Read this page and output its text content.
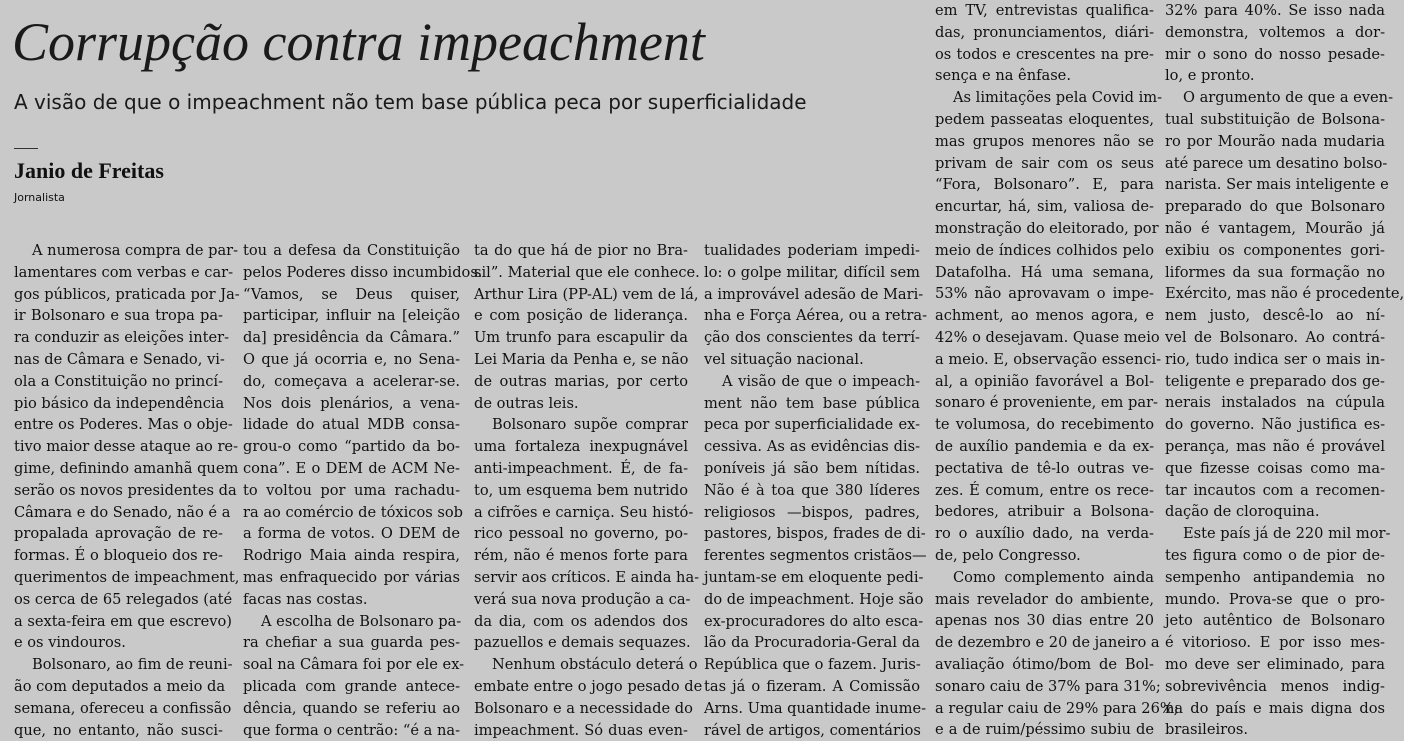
Corrupção contra impeachment
A visão de que o impeachment não tem base pública peca por superficialidade
Janio de Freitas
Jornalista
A numerosa compra de par-
lamentares com verbas e car-
gos públicos, praticada por Ja-
ir Bolsonaro e sua tropa pa-
ra conduzir as eleições inter-
nas de Câmara e Senado, vi-
ola a Constituição no princí-
pio básico da independência
entre os Poderes. Mas o obje-
tivo maior desse ataque ao re-
gime, definindo amanhã quem
serão os novos presidentes da
Câmara e do Senado, não é a
propalada aprovação de re-
formas. É o bloqueio dos re-
querimentos de impeachment,
os cerca de 65 relegados (até
a sexta-feira em que escrevo)
e os vindouros.
Bolsonaro, ao fim de reuni-
ão com deputados a meio da
semana, ofereceu a confissão
que, no entanto, não susci-
tou a defesa da Constituição
pelos Poderes disso incumbidos.
“Vamos, se Deus quiser,
participar, influir na [eleição
da] presidência da Câmara.”
O que já ocorria e, no Sena-
do, começava a acelerar-se.
Nos dois plenários, a vena-
lidade do atual MDB consa-
grou-o como “partido da bo-
cona”. E o DEM de ACM Ne-
to voltou por uma rachadu-
ra ao comércio de tóxicos sob
a forma de votos. O DEM de
Rodrigo Maia ainda respira,
mas enfraquecido por várias
facas nas costas.
A escolha de Bolsonaro pa-
ra chefiar a sua guarda pes-
soal na Câmara foi por ele ex-
plicada com grande antece-
dência, quando se referiu ao
que forma o centrão: “é a na-
ta do que há de pior no Bra-
sil”. Material que ele conhece.
Arthur Lira (PP-AL) vem de lá,
e com posição de liderança.
Um trunfo para escapulir da
Lei Maria da Penha e, se não
de outras marias, por certo
de outras leis.
Bolsonaro supõe comprar
uma fortaleza inexpugnável
anti-impeachment. É, de fa-
to, um esquema bem nutrido
a cifrões e carniça. Seu histó-
rico pessoal no governo, po-
rém, não é menos forte para
servir aos críticos. E ainda ha-
verá sua nova produção a ca-
da dia, com os adendos dos
pazuellos e demais sequazes.
Nenhum obstáculo deterá o
embate entre o jogo pesado de
Bolsonaro e a necessidade do
impeachment. Só duas even-
tualidades poderiam impedi-
lo: o golpe militar, difícil sem
a improvável adesão de Mari-
nha e Força Aérea, ou a retra-
ção dos conscientes da terrí-
vel situação nacional.
A visão de que o impeach-
ment não tem base pública
peca por superficialidade ex-
cessiva. As as evidências dis-
poníveis já são bem nítidas.
Não é à toa que 380 líderes
religiosos —bispos, padres,
pastores, bispos, frades de di-
ferentes segmentos cristãos—
juntam-se em eloquente pedi-
do de impeachment. Hoje são
ex-procuradores do alto esca-
lão da Procuradoria-Geral da
República que o fazem. Juris-
tas já o fizeram. A Comissão
Arns. Uma quantidade inume-
rável de artigos, comentários
em TV, entrevistas qualifica-
das, pronunciamentos, diári-
os todos e crescentes na pre-
sença e na ênfase.
As limitações pela Covid im-
pedem passeatas eloquentes,
mas grupos menores não se
privam de sair com os seus
“Fora, Bolsonaro”. E, para
encurtar, há, sim, valiosa de-
monstração do eleitorado, por
meio de índices colhidos pelo
Datafolha. Há uma semana,
53% não aprovavam o impe-
achment, ao menos agora, e
42% o desejavam. Quase meio
a meio. E, observação essenci-
al, a opinião favorável a Bol-
sonaro é proveniente, em par-
te volumosa, do recebimento
de auxílio pandemia e da ex-
pectativa de tê-lo outras ve-
zes. É comum, entre os rece-
bedores, atribuir a Bolsona-
ro o auxílio dado, na verda-
de, pelo Congresso.
Como complemento ainda
mais revelador do ambiente,
apenas nos 30 dias entre 20
de dezembro e 20 de janeiro a
avaliação ótimo/bom de Bol-
sonaro caiu de 37% para 31%;
a regular caiu de 29% para 26%;
e a de ruim/péssimo subiu de
32% para 40%. Se isso nada
demonstra, voltemos a dor-
mir o sono do nosso pesade-
lo, e pronto.
O argumento de que a even-
tual substituição de Bolsona-
ro por Mourão nada mudaria
até parece um desatino bolso-
narista. Ser mais inteligente e
preparado do que Bolsonaro
não é vantagem, Mourão já
exibiu os componentes gori-
liformes da sua formação no
Exército, mas não é procedente,
nem justo, descê-lo ao ní-
vel de Bolsonaro. Ao contrá-
rio, tudo indica ser o mais in-
teligente e preparado dos ge-
nerais instalados na cúpula
do governo. Não justifica es-
perança, mas não é provável
que fizesse coisas como ma-
tar incautos com a recomen-
dação de cloroquina.
Este país já de 220 mil mor-
tes figura como o de pior de-
sempenho antipandemia no
mundo. Prova-se que o pro-
jeto autêntico de Bolsonaro
é vitorioso. E por isso mes-
mo deve ser eliminado, para
sobrevivência menos indig-
na do país e mais digna dos
brasileiros.
